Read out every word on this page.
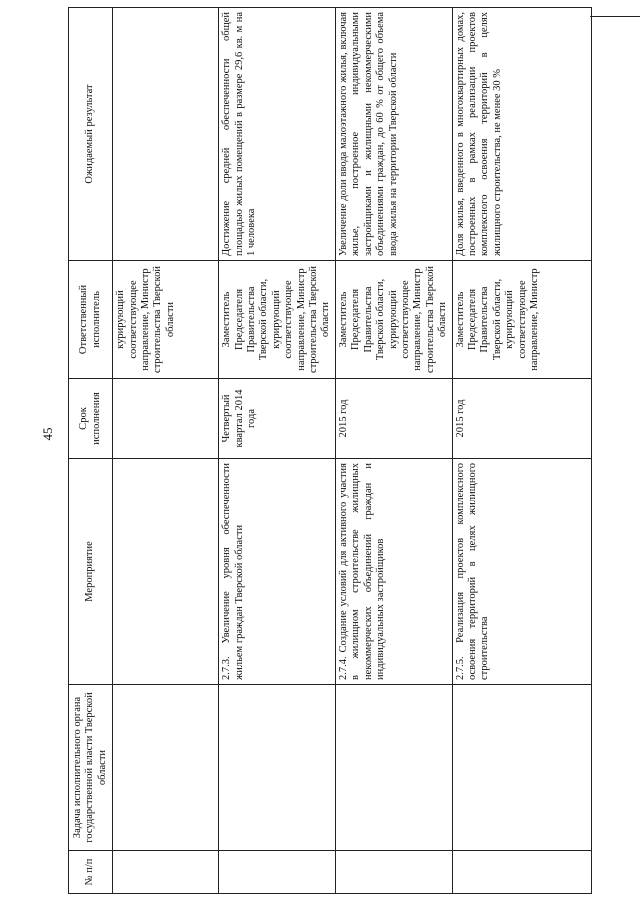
45
№ п/п	Задача исполнительного органа государственной власти Тверской области	Мероприятие	Срок исполнения	Ответственный исполнитель	Ожидаемый результат
				курирующий соответствующее направление, Министр строительства Тверской области	
		2.7.3. Увеличение уровня обеспеченности жильем граждан Тверской области	Четвертый квартал 2014 года	Заместитель Председателя Правительства Тверской области, курирующий соответствующее направление, Министр строительства Тверской области	Достижение средней обеспеченности общей площадью жилых помещений в размере 29,6 кв. м на 1 человека
		2.7.4. Создание условий для активного участия в жилищном строительстве жилищных некоммерческих объединений граждан и индивидуальных застройщиков	2015 год	Заместитель Председателя Правительства Тверской области, курирующий соответствующее направление, Министр строительства Тверской области	Увеличение доли ввода малоэтажного жилья, включая жилье, построенное индивидуальными застройщиками и жилищными некоммерческими объединениями граждан, до 60 % от общего объема ввода жилья на территории Тверской области
		2.7.5. Реализация проектов комплексного освоения территорий в целях жилищного строительства	2015 год	Заместитель Председателя Правительства Тверской области, курирующий соответствующее направление, Министр	Доля жилья, введенного в многоквартирных домах, построенных в рамках реализации проектов комплексного освоения территорий в целях жилищного строительства, не менее 30 %
